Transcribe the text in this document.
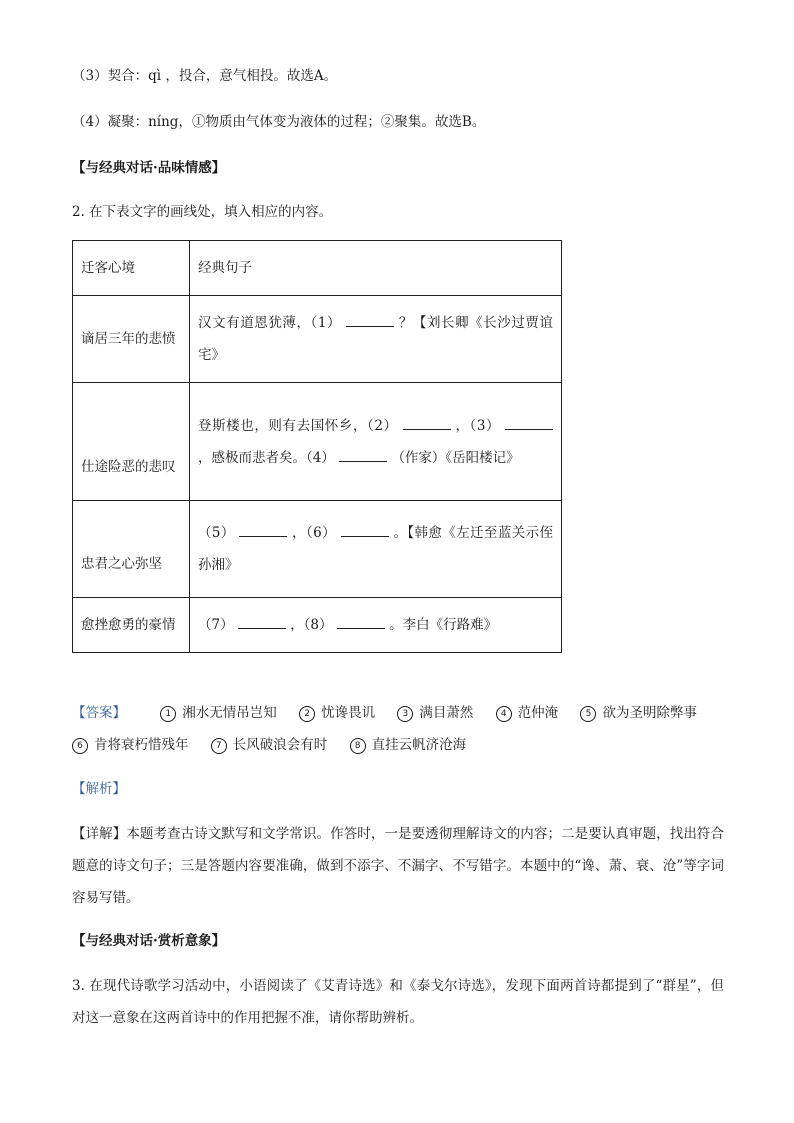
（3）契合：qì ，投合，意气相投。故选A。
（4）凝聚：níng，①物质由气体变为液体的过程；②聚集。故选B。
【与经典对话·品味情感】
2. 在下表文字的画线处，填入相应的内容。
迁客心境	经典句子
谪居三年的悲愤	汉文有道恩犹薄，（1） ？【刘长卿《长沙过贾谊宅》
仕途险恶的悲叹	登斯楼也，则有去国怀乡，（2） ，（3）  ，感极而悲者矣。（4） （作家）《岳阳楼记》
忠君之心弥坚	（5） ，（6） 。【韩愈《左迁至蓝关示侄孙湘》
愈挫愈勇的豪情	（7） ，（8） 。李白《行路难》
【答案】	1 湘水无情吊岂知	2 忧谗畏讥	3 满目萧然	4 范仲淹	5 欲为圣明除弊事 6 肯将衰朽惜残年	7 长风破浪会有时	8 直挂云帆济沧海
【解析】
【详解】本题考查古诗文默写和文学常识。作答时，一是要透彻理解诗文的内容；二是要认真审题，找出符合题意的诗文句子；三是答题内容要准确，做到不添字、不漏字、不写错字。本题中的“谗、萧、衰、沧”等字词容易写错。
【与经典对话·赏析意象】
3. 在现代诗歌学习活动中，小语阅读了《艾青诗选》和《泰戈尔诗选》，发现下面两首诗都提到了“群星”，但对这一意象在这两首诗中的作用把握不准，请你帮助辨析。
